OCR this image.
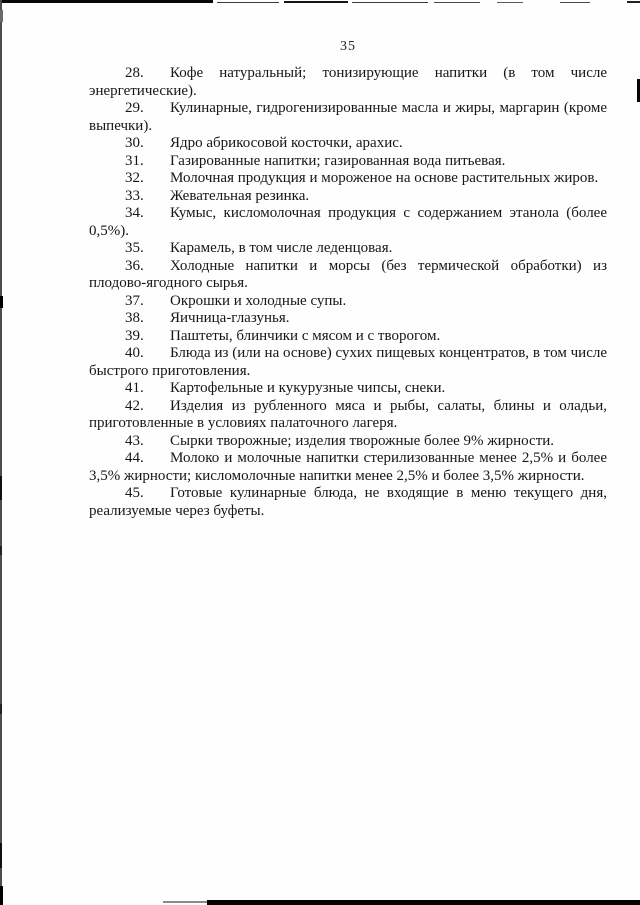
35
28. Кофе натуральный; тонизирующие напитки (в том числе
энергетические).
29. Кулинарные, гидрогенизированные масла и жиры, маргарин (кроме
выпечки).
30. Ядро абрикосовой косточки, арахис.
31. Газированные напитки; газированная вода питьевая.
32. Молочная продукция и мороженое на основе растительных жиров.
33. Жевательная резинка.
34. Кумыс, кисломолочная продукция с содержанием этанола (более
0,5%).
35. Карамель, в том числе леденцовая.
36. Холодные напитки и морсы (без термической обработки) из
плодово-ягодного сырья.
37. Окрошки и холодные супы.
38. Яичница-глазунья.
39. Паштеты, блинчики с мясом и с творогом.
40. Блюда из (или на основе) сухих пищевых концентратов, в том числе
быстрого приготовления.
41. Картофельные и кукурузные чипсы, снеки.
42. Изделия из рубленного мяса и рыбы, салаты, блины и оладьи,
приготовленные в условиях палаточного лагеря.
43. Сырки творожные; изделия творожные более 9% жирности.
44. Молоко и молочные напитки стерилизованные менее 2,5% и более
3,5% жирности; кисломолочные напитки менее 2,5% и более 3,5% жирности.
45. Готовые кулинарные блюда, не входящие в меню текущего дня,
реализуемые через буфеты.
